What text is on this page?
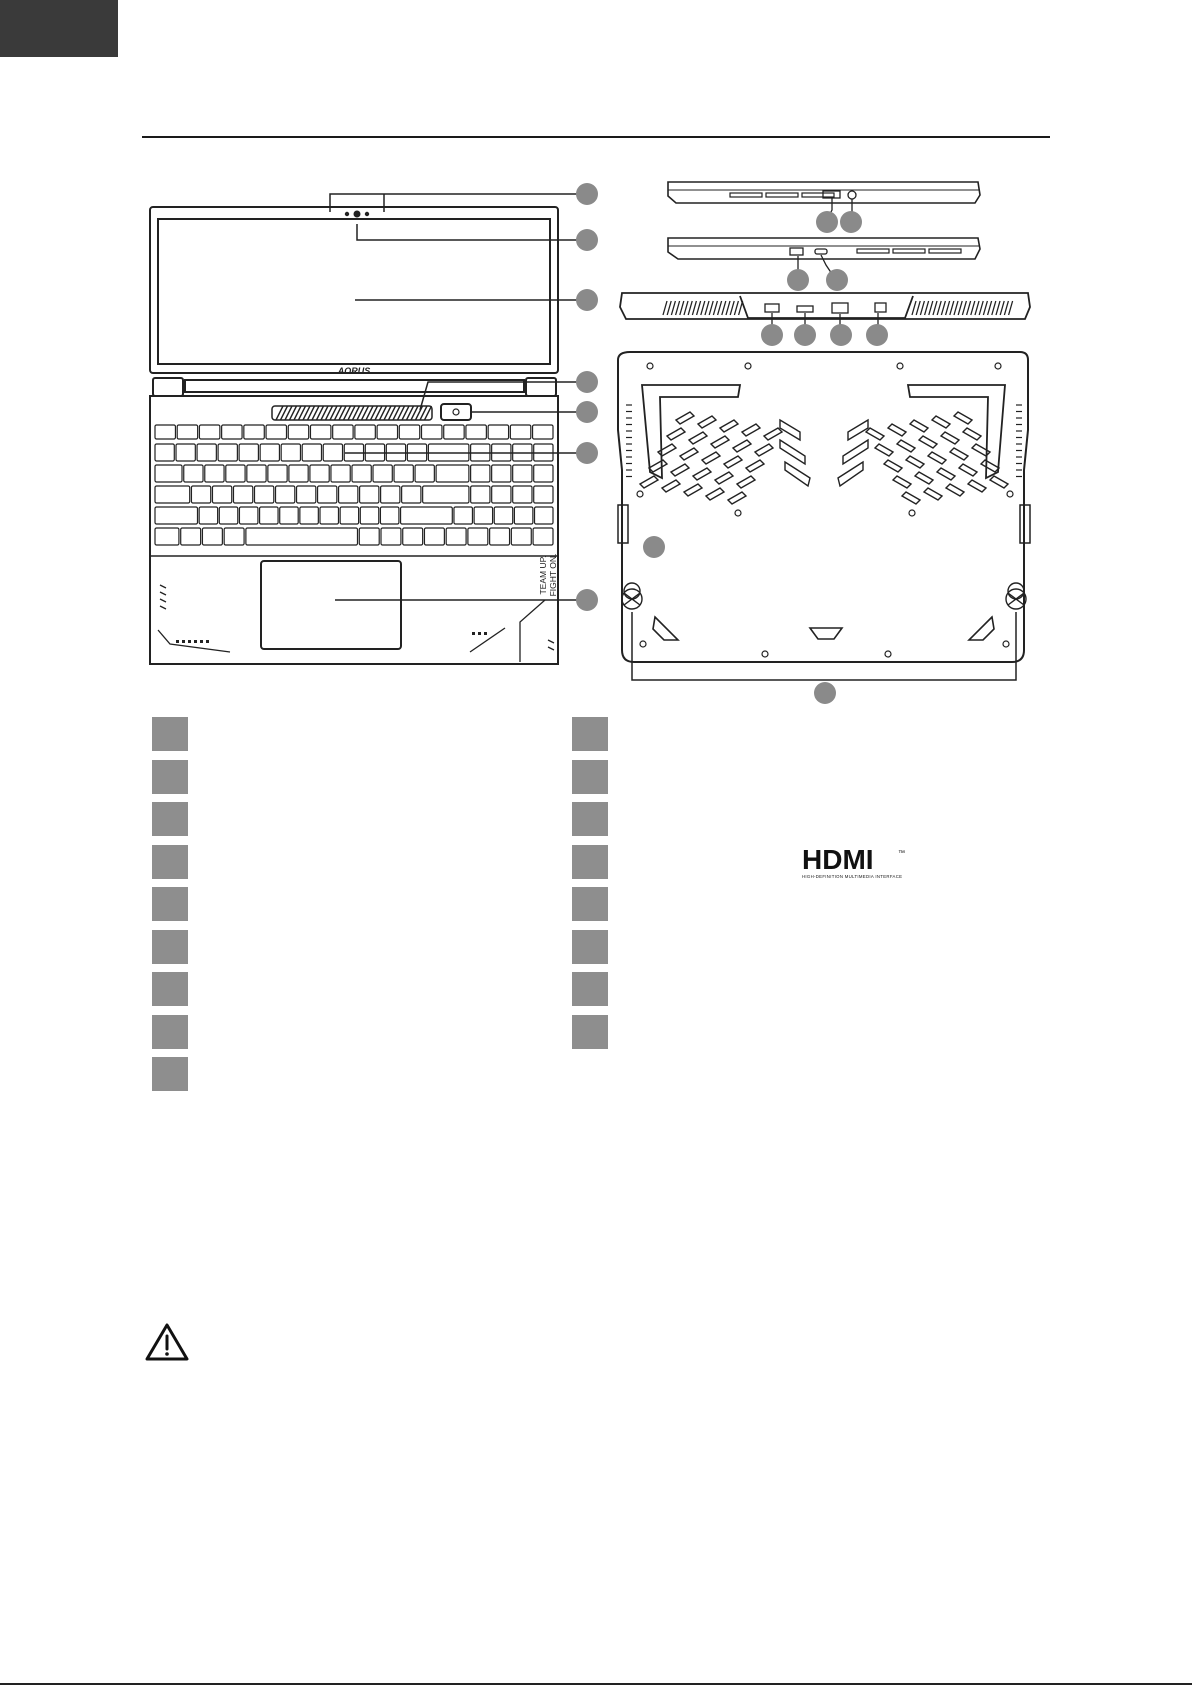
AORUS
TEAM UP. FIGHT ON.
HDMI	™
HIGH-DEFINITION MULTIMEDIA INTERFACE
